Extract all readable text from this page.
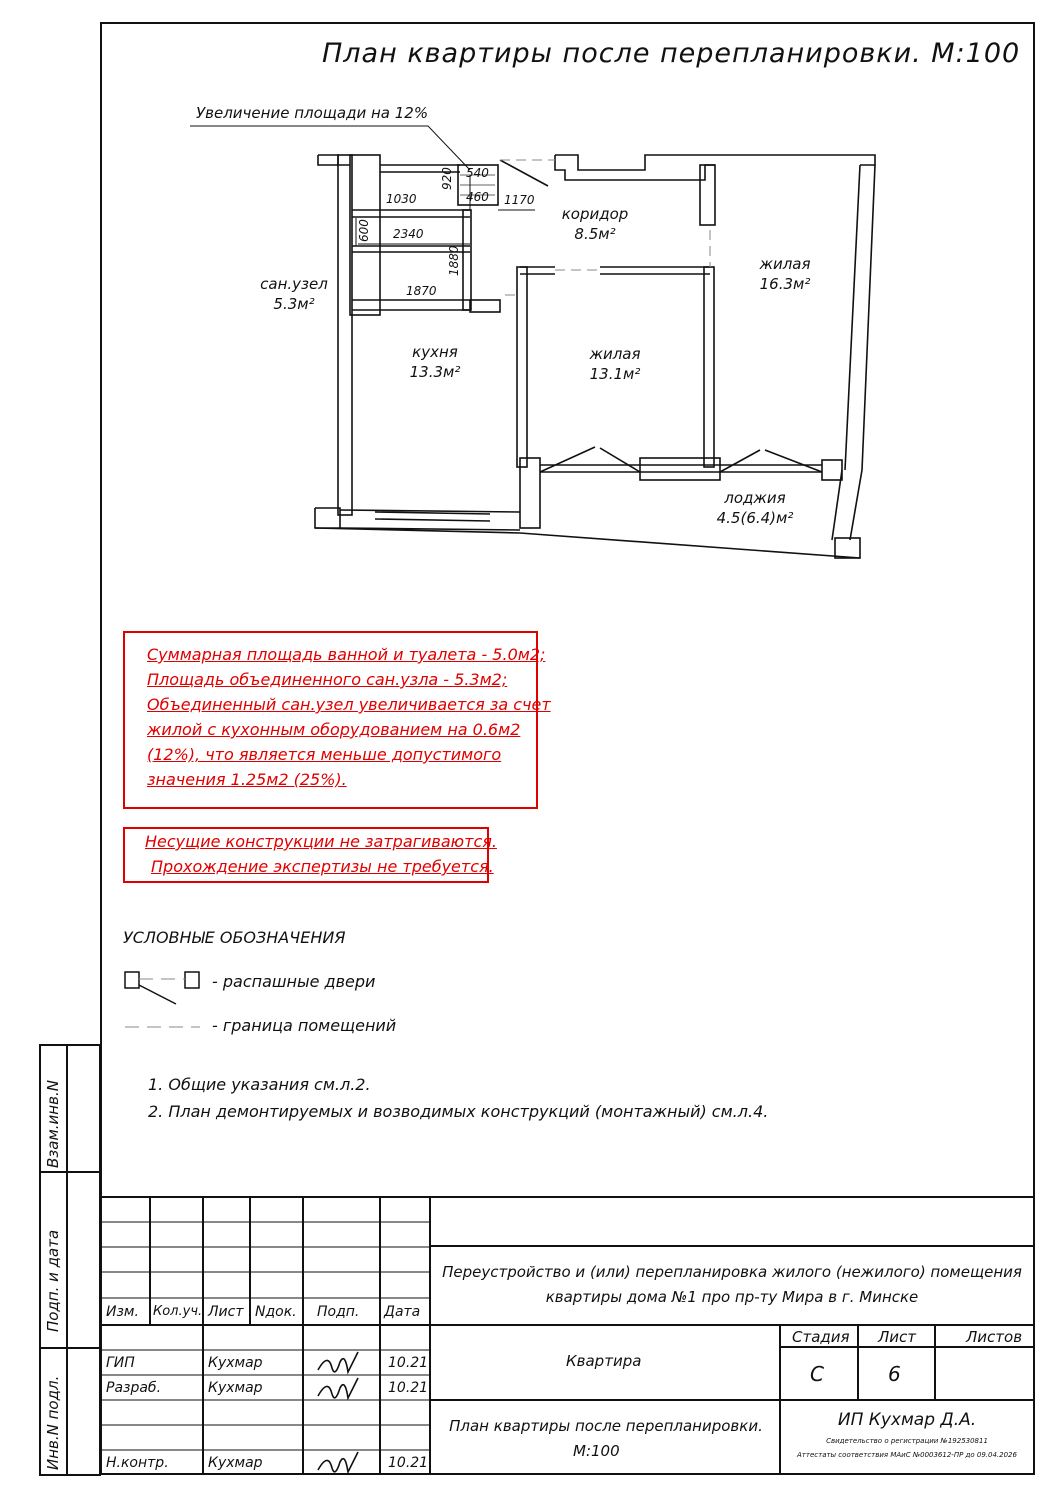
План квартиры после перепланировки. М:100
Увеличение площади на 12%
коридор
8.5м²
жилая
16.3м²
сан.узел
5.3м²
кухня
13.3м²
жилая
13.1м²
лоджия
4.5(6.4)м²
1030
920 540
460 1170
2340
600
1880
1870
Суммарная площадь ванной и туалета - 5.0м2;
Площадь объединенного сан.узла - 5.3м2;
Объединенный сан.узел увеличивается за счет
жилой с кухонным оборудованием на 0.6м2
(12%), что является меньше допустимого
значения 1.25м2 (25%).
Несущие конструкции не затрагиваются.
Прохождение экспертизы не требуется.
УСЛОВНЫЕ ОБОЗНАЧЕНИЯ
- распашные двери
- граница помещений
1. Общие указания см.л.2.
2. План демонтируемых и возводимых конструкций (монтажный) см.л.4.
Взам.инв.N
Подп. и дата
Инв.N подл.
Изм. Кол.уч. Лист Nдок. Подп. Дата
ГИП	Кухмар	10.21
Разраб.	Кухмар	10.21
Н.контр.	Кухмар	10.21
Переустройство и (или) перепланировка жилого (нежилого) помещения
квартиры дома №1 про пр-ту Мира в г. Минске
Квартира
План квартиры после перепланировки.
М:100
Стадия Лист	Листов
С	6
ИП Кухмар Д.А.
Свидетельство о регистрации №192530811
Аттестаты соответствия МАиС №0003612-ПР до 09.04.2026
